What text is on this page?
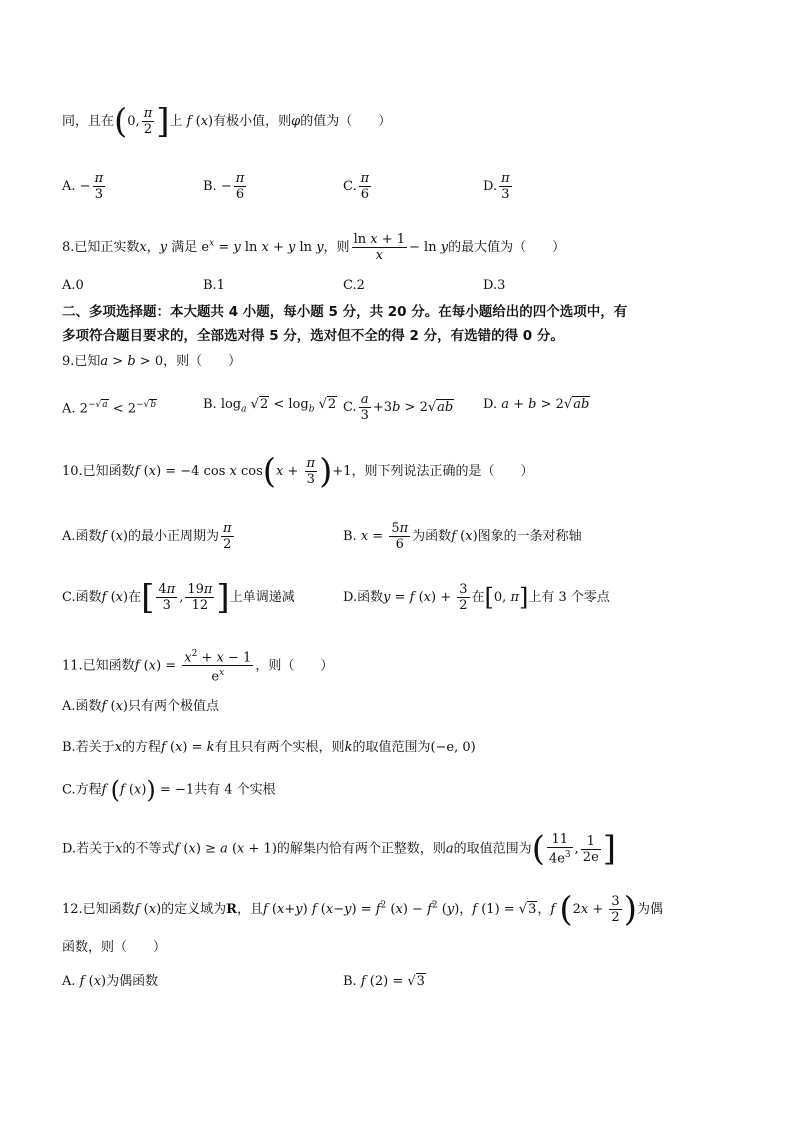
同，且在(0, $\frac{\pi}{2}$ ]上 f (x)有极小值，则φ的值为（　　）
A. − $\frac{\pi}{3}$	B. − $\frac{\pi}{6}$	C. $\frac{\pi}{6}$	D. $\frac{\pi}{3}$
8.已知正实数x，y 满足 $e^x = y$ ln x + y ln y，则 $\frac{\text{ln x + 1}}{x} - \ln y$的最大值为（　　）
A.0	B.1	C.2	D.3
二、多项选择题：本大题共 4 小题，每小题 5 分，共 20 分。在每小题给出的四个选项中，有
多项符合题目要求的，全部选对得 5 分，选对但不全的得 2 分，有选错的得 0 分。
9.已知a > b > 0，则（　　）
A. $2^{-√a} < 2^{-√b}$	B. $\log_a √2 < \log_b √2$ C. $\frac{a}{3} +3b > 2√ab$ D. a + b > 2√ab
10.已知函数f (x) = −4 cos x $\cos(x + \frac{\pi}{3} )+1$，则下列说法正确的是（　　）
A.函数f (x)的最小正周期为 $\frac{\pi}{2}$	B. $x = \frac{5\pi}{6}$ 为函数f (x)图象的一条对称轴
C.函数f (x)在[ $\frac{4\pi}{3}$ , $\frac{19\pi}{12}$ ]上单调递减	D.函数y = f $(x) + \frac{3}{2}$ 在[0, π]上有 3 个零点
11.已知函数f $(x) = \frac{x^2 + x - 1}{e^x}$ ，则（　　）
A.函数f (x)只有两个极值点
B.若关于x的方程f (x) = k有且只有两个实根，则k的取值范围为(−e, 0)
C.方程f (f (x)) = −1共有 4 个实根
D.若关于x的不等式f (x) ≥ a (x + 1)的解集内恰有两个正整数，则a的取值范围为( $\frac{11}{4e^3}$ , $\frac{1}{2e}$ ]
12.已知函数f (x)的定义域为R，且f (x+y) f $(x-y) = f^2$ $(x) - f^2$ (y)，f (1) = √3，f ($2x + \frac{3}{2}$ )为偶
函数，则（　　）
A. f (x)为偶函数	B. f (2) = √3
